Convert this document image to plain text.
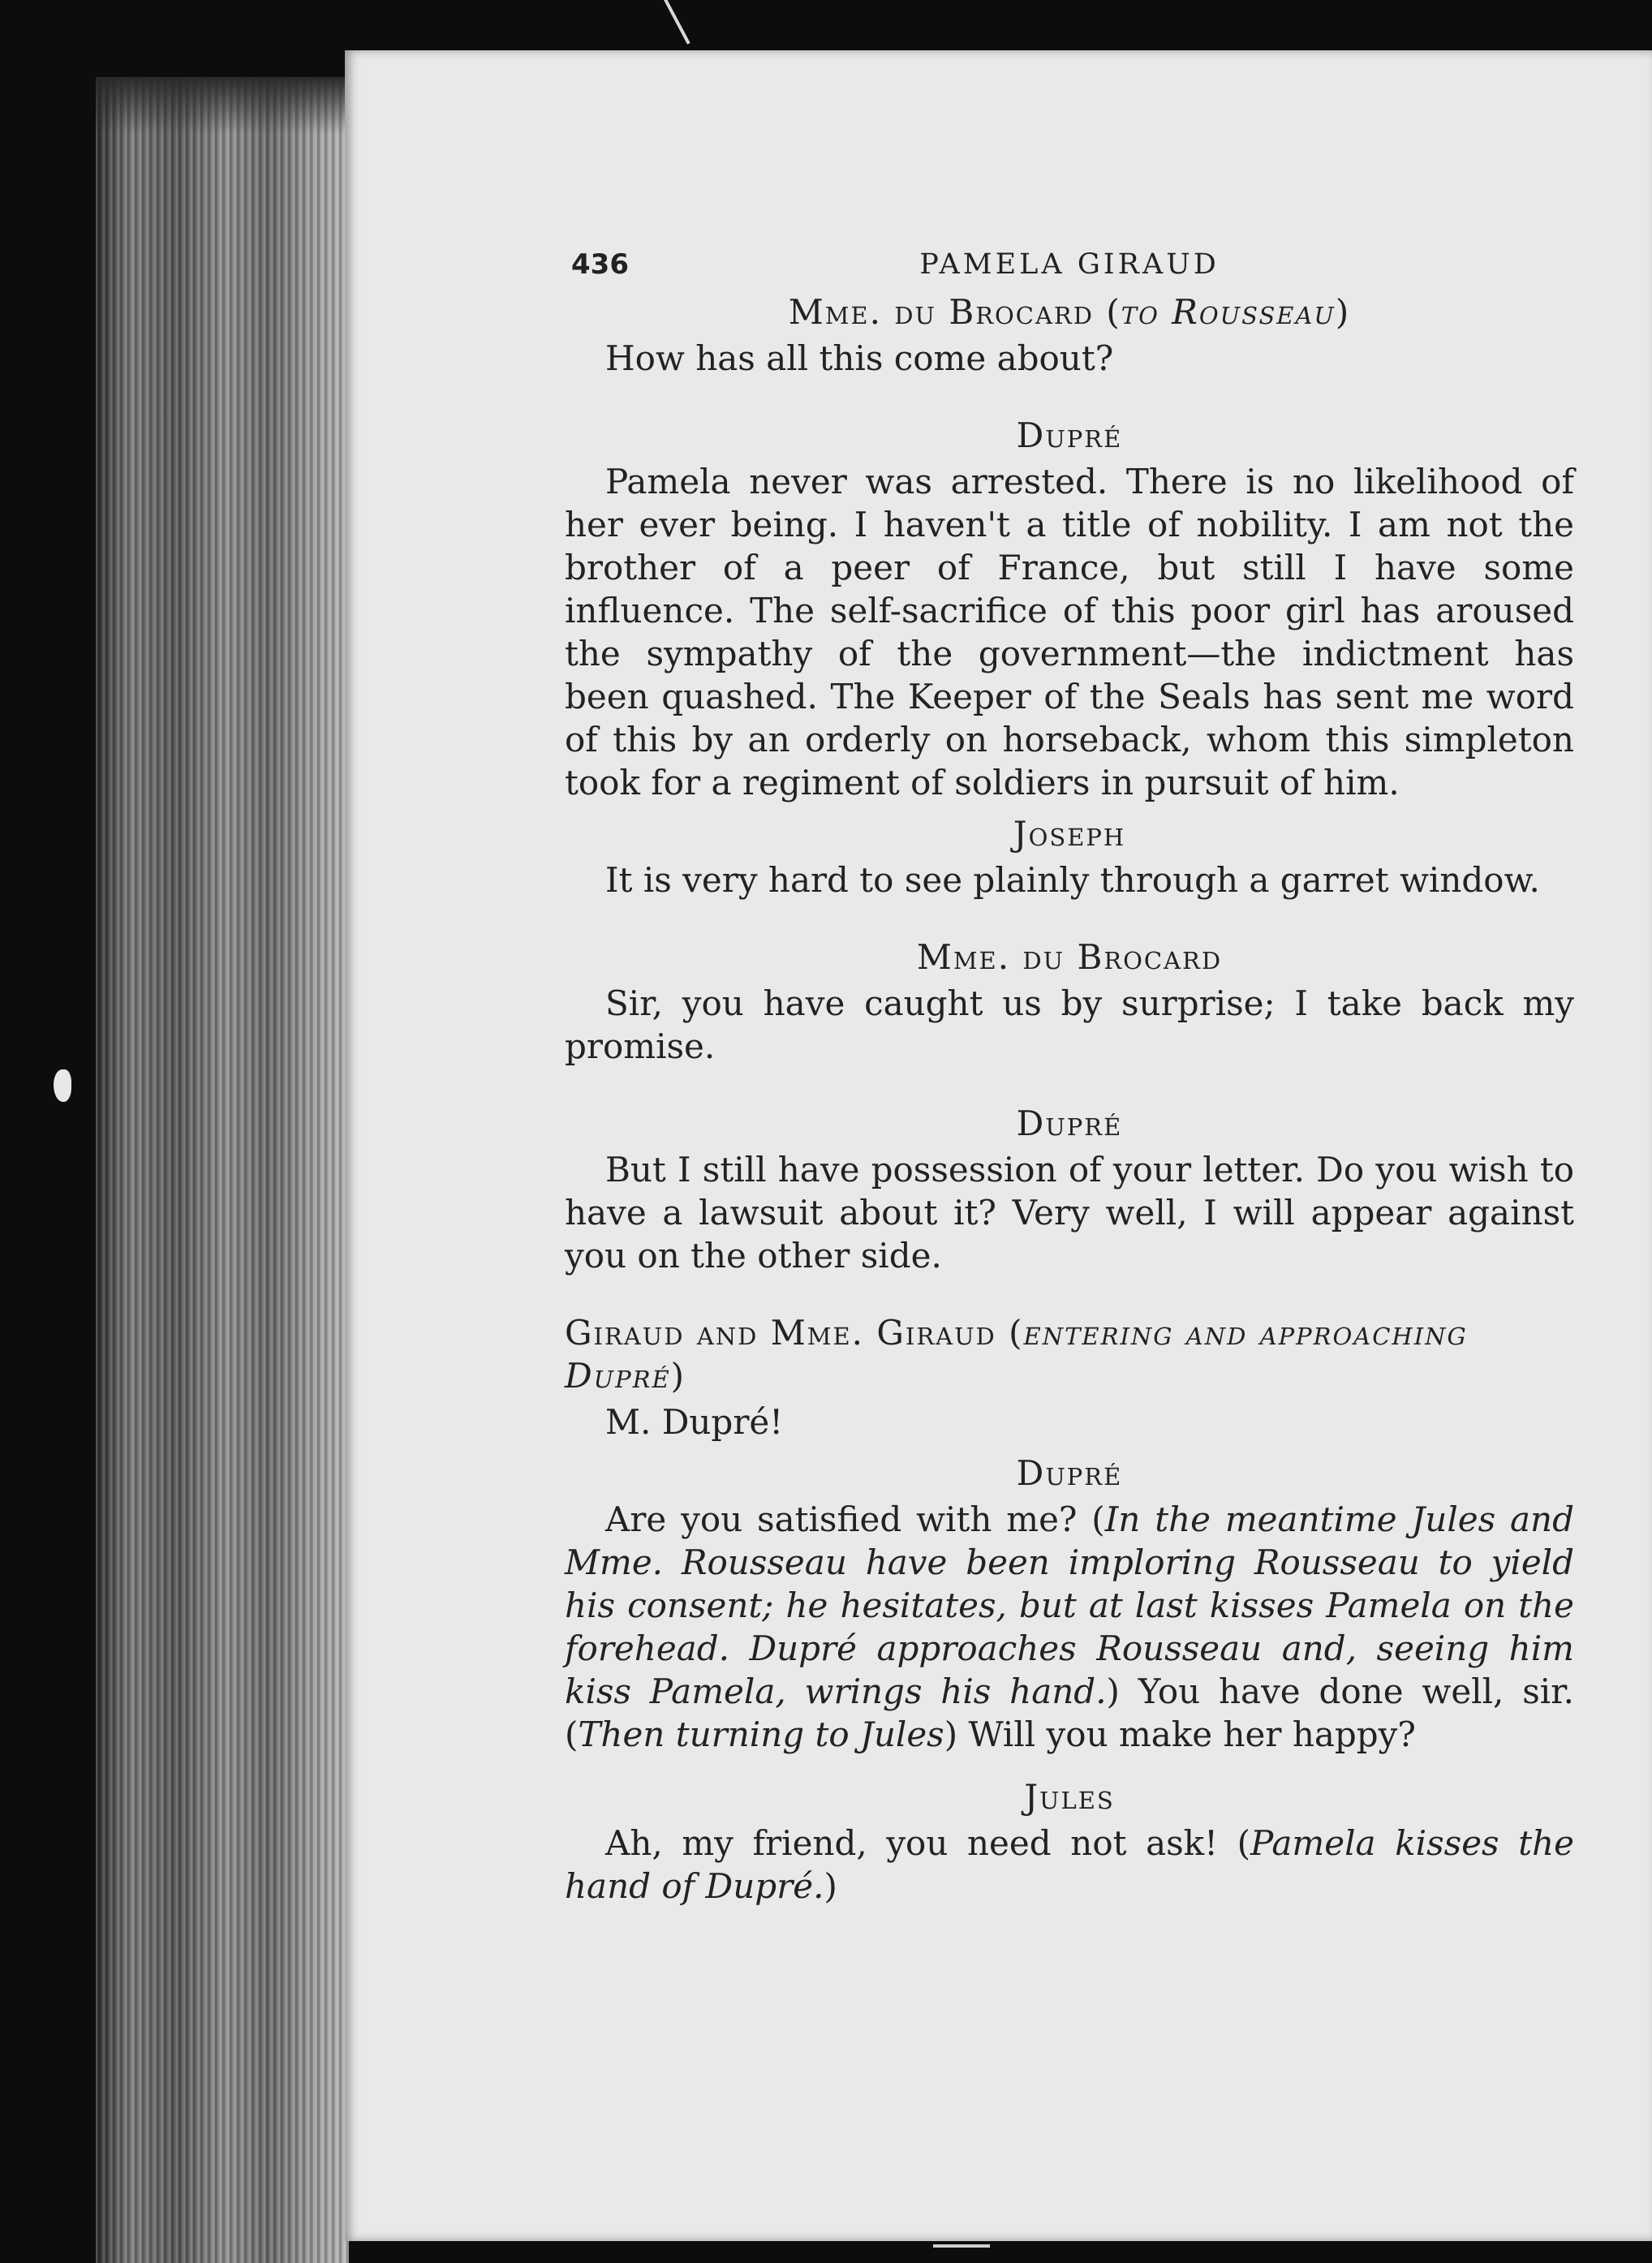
436	PAMELA GIRAUD
Mme. du Brocard (to Rousseau)
How has all this come about?
Dupré
Pamela never was arrested. There is no likelihood of her ever being. I haven't a title of nobility. I am not the brother of a peer of France, but still I have some influence. The self-sacrifice of this poor girl has aroused the sympathy of the government—the indictment has been quashed. The Keeper of the Seals has sent me word of this by an orderly on horseback, whom this simpleton took for a regiment of soldiers in pursuit of him.
Joseph
It is very hard to see plainly through a garret window.
Mme. du Brocard
Sir, you have caught us by surprise; I take back my promise.
Dupré
But I still have possession of your letter. Do you wish to have a lawsuit about it? Very well, I will appear against you on the other side.
Giraud and Mme. Giraud (entering and approaching Dupré)
M. Dupré!
Dupré
Are you satisfied with me? (In the meantime Jules and Mme. Rousseau have been imploring Rousseau to yield his consent; he hesitates, but at last kisses Pamela on the forehead. Dupré approaches Rousseau and, seeing him kiss Pamela, wrings his hand.) You have done well, sir. (Then turning to Jules) Will you make her happy?
Jules
Ah, my friend, you need not ask! (Pamela kisses the hand of Dupré.)
